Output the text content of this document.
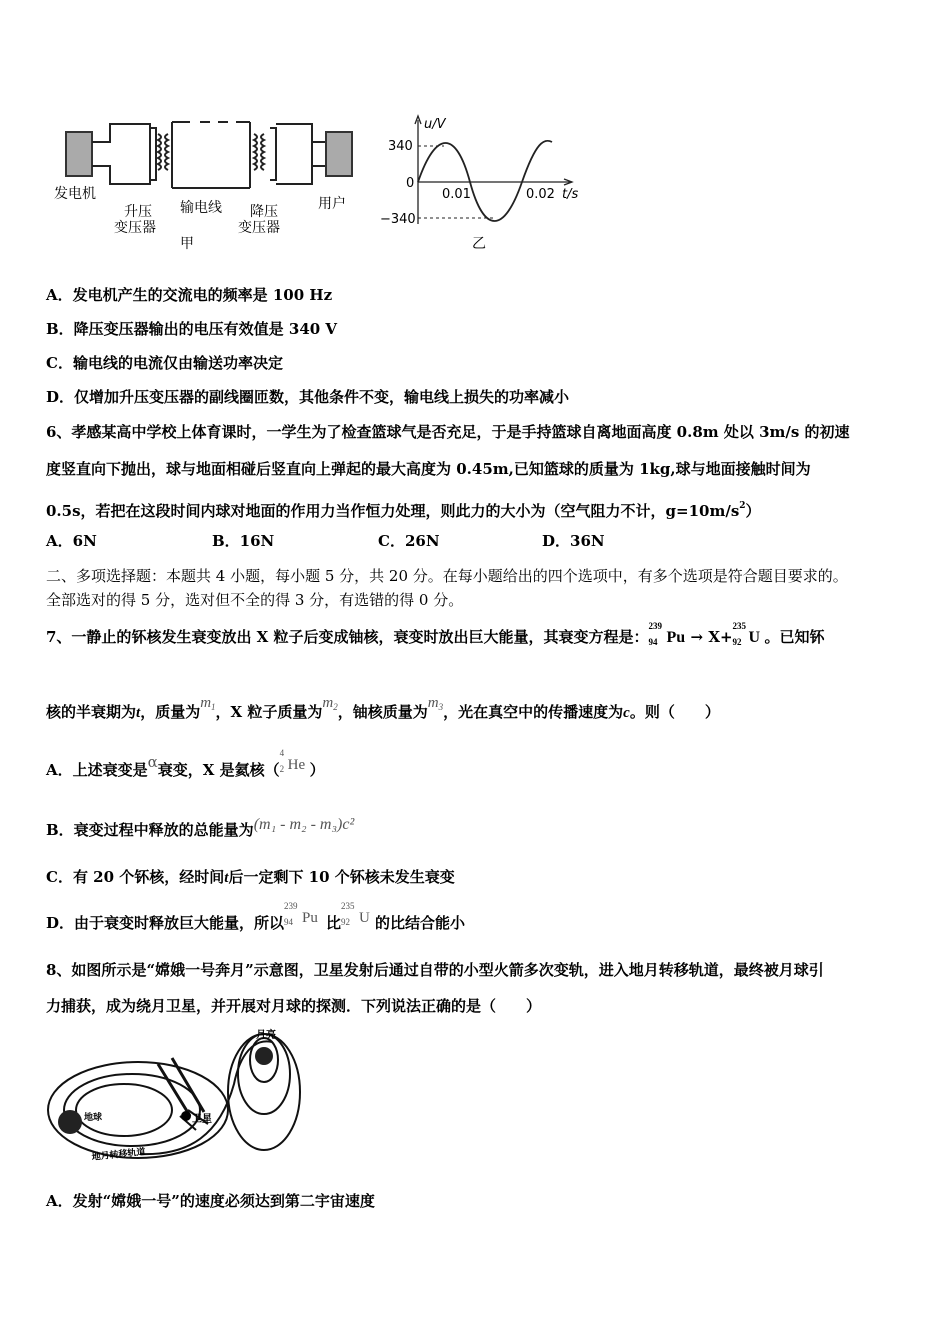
发电机
升压
变压器
输电线 降压
变压器
用户
甲
u/V
340
0
−340
0.01	0.02 t/s
乙
A．发电机产生的交流电的频率是 100 Hz
B．降压变压器输出的电压有效值是 340 V
C．输电线的电流仅由输送功率决定
D．仅增加升压变压器的副线圈匝数，其他条件不变，输电线上损失的功率减小
6、孝感某高中学校上体育课时，一学生为了检查篮球气是否充足，于是手持篮球自离地面高度 0.8m 处以 3m/s 的初速
度竖直向下抛出，球与地面相碰后竖直向上弹起的最大高度为 0.45m,已知篮球的质量为 1kg,球与地面接触时间为
0.5s，若把在这段时间内球对地面的作用力当作恒力处理，则此力的大小为（空气阻力不计，$g=10m/s^2$）
A．6N	B．16N	C．26N	D．36N
二、多项选择题：本题共 4 小题，每小题 5 分，共 20 分。在每小题给出的四个选项中，有多个选项是符合题目要求的。
全部选对的得 5 分，选对但不全的得 3 分，有选错的得 0 分。
7、一静止的钚核发生衰变放出 X 粒子后变成铀核，衰变时放出巨大能量，其衰变方程是：
239
94 Pu → X+
235
92 U 。已知钚
核的半衰期为t，质量为$m_1$，X 粒子质量为$m_2$，铀核质量为$m_3$，光在真空中的传播速度为c。则（　　）
A．上述衰变是α衰变，X 是氦核（
4
2 He ）
B．衰变过程中释放的总能量为(m₁ - m₂ - m₃)c²
C．有 20 个钚核，经时间t后一定剩下 10 个钚核未发生衰变
D．由于衰变时释放巨大能量，所以
239
94 Pu 比
235
92 U 的比结合能小
8、如图所示是“嫦娥一号奔月”示意图，卫星发射后通过自带的小型火箭多次变轨，进入地月转移轨道，最终被月球引
力捕获，成为绕月卫星，并开展对月球的探测．下列说法正确的是（　　）
月亮
地球	卫星
地月转移轨道
A．发射“嫦娥一号”的速度必须达到第二宇宙速度
